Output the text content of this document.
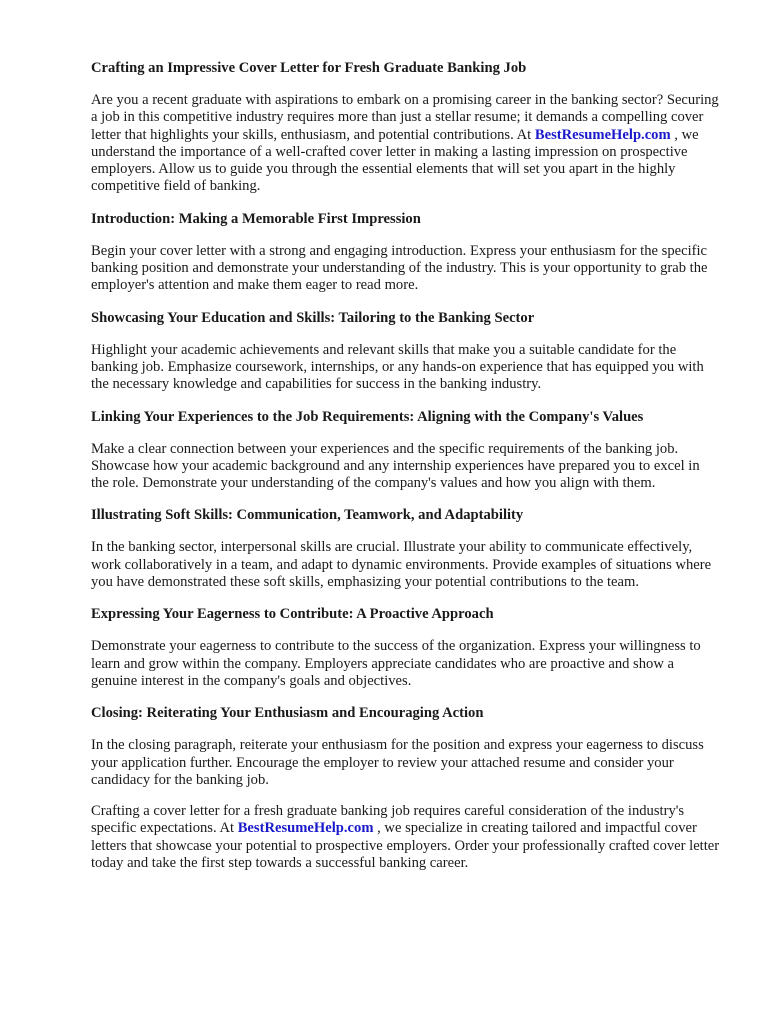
Crafting an Impressive Cover Letter for Fresh Graduate Banking Job

Are you a recent graduate with aspirations to embark on a promising career in the banking sector? Securing a job in this competitive industry requires more than just a stellar resume; it demands a compelling cover letter that highlights your skills, enthusiasm, and potential contributions. At BestResumeHelp.com , we understand the importance of a well-crafted cover letter in making a lasting impression on prospective employers. Allow us to guide you through the essential elements that will set you apart in the highly competitive field of banking.

Introduction: Making a Memorable First Impression

Begin your cover letter with a strong and engaging introduction. Express your enthusiasm for the specific banking position and demonstrate your understanding of the industry. This is your opportunity to grab the employer's attention and make them eager to read more.

Showcasing Your Education and Skills: Tailoring to the Banking Sector

Highlight your academic achievements and relevant skills that make you a suitable candidate for the banking job. Emphasize coursework, internships, or any hands-on experience that has equipped you with the necessary knowledge and capabilities for success in the banking industry.

Linking Your Experiences to the Job Requirements: Aligning with the Company's Values

Make a clear connection between your experiences and the specific requirements of the banking job. Showcase how your academic background and any internship experiences have prepared you to excel in the role. Demonstrate your understanding of the company's values and how you align with them.

Illustrating Soft Skills: Communication, Teamwork, and Adaptability

In the banking sector, interpersonal skills are crucial. Illustrate your ability to communicate effectively, work collaboratively in a team, and adapt to dynamic environments. Provide examples of situations where you have demonstrated these soft skills, emphasizing your potential contributions to the team.

Expressing Your Eagerness to Contribute: A Proactive Approach

Demonstrate your eagerness to contribute to the success of the organization. Express your willingness to learn and grow within the company. Employers appreciate candidates who are proactive and show a genuine interest in the company's goals and objectives.

Closing: Reiterating Your Enthusiasm and Encouraging Action

In the closing paragraph, reiterate your enthusiasm for the position and express your eagerness to discuss your application further. Encourage the employer to review your attached resume and consider your candidacy for the banking job.

Crafting a cover letter for a fresh graduate banking job requires careful consideration of the industry's specific expectations. At BestResumeHelp.com , we specialize in creating tailored and impactful cover letters that showcase your potential to prospective employers. Order your professionally crafted cover letter today and take the first step towards a successful banking career.
